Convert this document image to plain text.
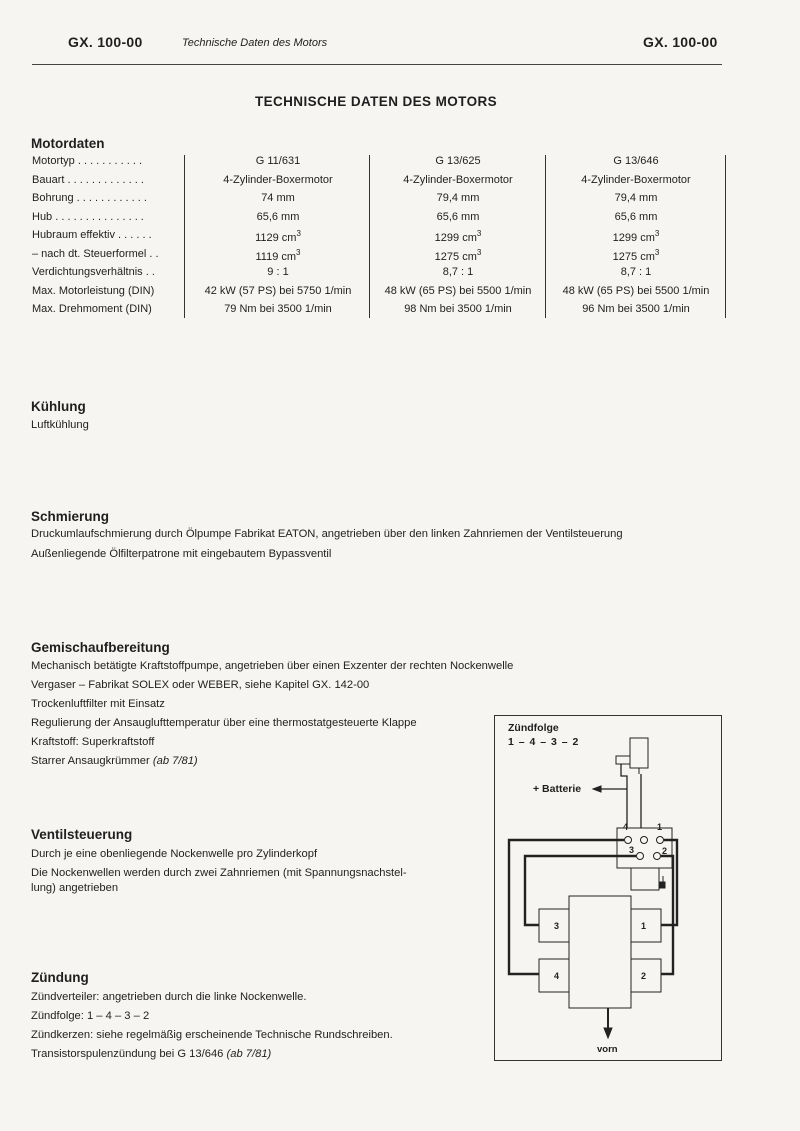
GX. 100-00	Technische Daten des Motors	GX. 100-00
TECHNISCHE DATEN DES MOTORS
Motordaten
Motortyp . . . . . . . . . . .	G 11/631	G 13/625	G 13/646
Bauart . . . . . . . . . . . . .	4-Zylinder-Boxermotor	4-Zylinder-Boxermotor	4-Zylinder-Boxermotor
Bohrung . . . . . . . . . . . .	74 mm	79,4 mm	79,4 mm
Hub . . . . . . . . . . . . . . .	65,6 mm	65,6 mm	65,6 mm
Hubraum effektiv . . . . . .	1129 $cm^3$	1299 $cm^3$	1299 $cm^3$
– nach dt. Steuerformel . .	1119 $cm^3$	1275 $cm^3$	1275 $cm^3$
Verdichtungsverhältnis . .	9 : 1	8,7 : 1	8,7 : 1
Max. Motorleistung (DIN)	42 kW (57 PS) bei 5750 1/min	48 kW (65 PS) bei 5500 1/min	48 kW (65 PS) bei 5500 1/min
Max. Drehmoment (DIN)	79 Nm bei 3500 1/min	98 Nm bei 3500 1/min	96 Nm bei 3500 1/min
Kühlung
Luftkühlung
Schmierung
Druckumlaufschmierung durch Ölpumpe Fabrikat EATON, angetrieben über den linken Zahnriemen der Ventilsteuerung
Außenliegende Ölfilterpatrone mit eingebautem Bypassventil
Gemischaufbereitung
Mechanisch betätigte Kraftstoffpumpe, angetrieben über einen Exzenter der rechten Nockenwelle
Vergaser – Fabrikat SOLEX oder WEBER, siehe Kapitel GX. 142-00
Trockenluftfilter mit Einsatz
Regulierung der Ansauglufttemperatur über eine thermostatgesteuerte Klappe
Kraftstoff: Superkraftstoff
Starrer Ansaugkrümmer (ab 7/81)
Ventilsteuerung
Durch je eine obenliegende Nockenwelle pro Zylinderkopf
Die Nockenwellen werden durch zwei Zahnriemen (mit Spannungsnachstel-
lung) angetrieben
Zündung
Zündverteiler: angetrieben durch die linke Nockenwelle.
Zündfolge: 1 – 4 – 3 – 2
Zündkerzen: siehe regelmäßig erscheinende Technische Rundschreiben.
Transistorspulenzündung bei G 13/646 (ab 7/81)
Zündfolge
1 – 4 – 3 – 2
+ Batterie
vorn
4	1
3	2
3	1
4	2
